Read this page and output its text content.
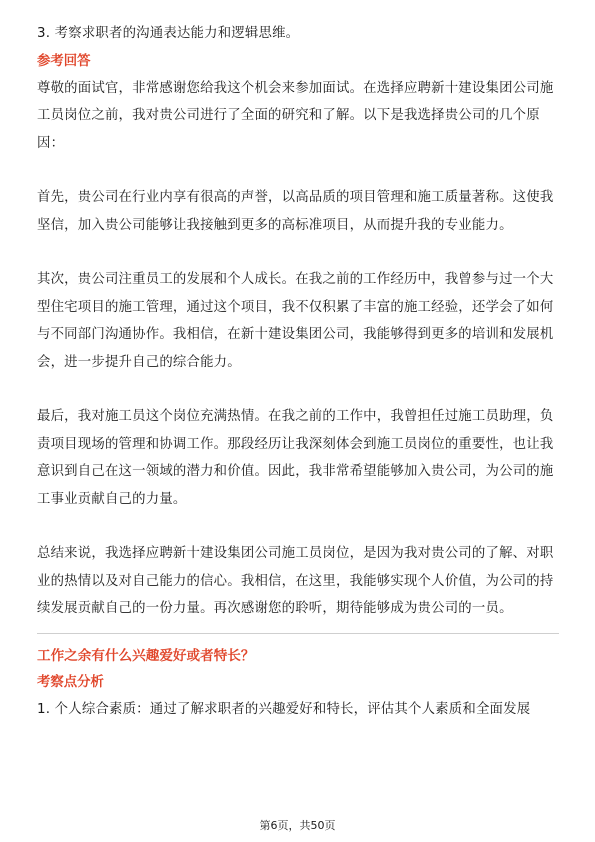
3. 考察求职者的沟通表达能力和逻辑思维。

参考回答

尊敬的面试官，非常感谢您给我这个机会来参加面试。在选择应聘新十建设集团公司施工员岗位之前，我对贵公司进行了全面的研究和了解。以下是我选择贵公司的几个原因：

首先，贵公司在行业内享有很高的声誉，以高品质的项目管理和施工质量著称。这使我坚信，加入贵公司能够让我接触到更多的高标准项目，从而提升我的专业能力。

其次，贵公司注重员工的发展和个人成长。在我之前的工作经历中，我曾参与过一个大型住宅项目的施工管理，通过这个项目，我不仅积累了丰富的施工经验，还学会了如何与不同部门沟通协作。我相信，在新十建设集团公司，我能够得到更多的培训和发展机会，进一步提升自己的综合能力。

最后，我对施工员这个岗位充满热情。在我之前的工作中，我曾担任过施工员助理，负责项目现场的管理和协调工作。那段经历让我深刻体会到施工员岗位的重要性，也让我意识到自己在这一领域的潜力和价值。因此，我非常希望能够加入贵公司，为公司的施工事业贡献自己的力量。

总结来说，我选择应聘新十建设集团公司施工员岗位，是因为我对贵公司的了解、对职业的热情以及对自己能力的信心。我相信，在这里，我能够实现个人价值，为公司的持续发展贡献自己的一份力量。再次感谢您的聆听，期待能够成为贵公司的一员。

工作之余有什么兴趣爱好或者特长？
考察点分析

1. 个人综合素质：通过了解求职者的兴趣爱好和特长，评估其个人素质和全面发展

第6页，共50页
